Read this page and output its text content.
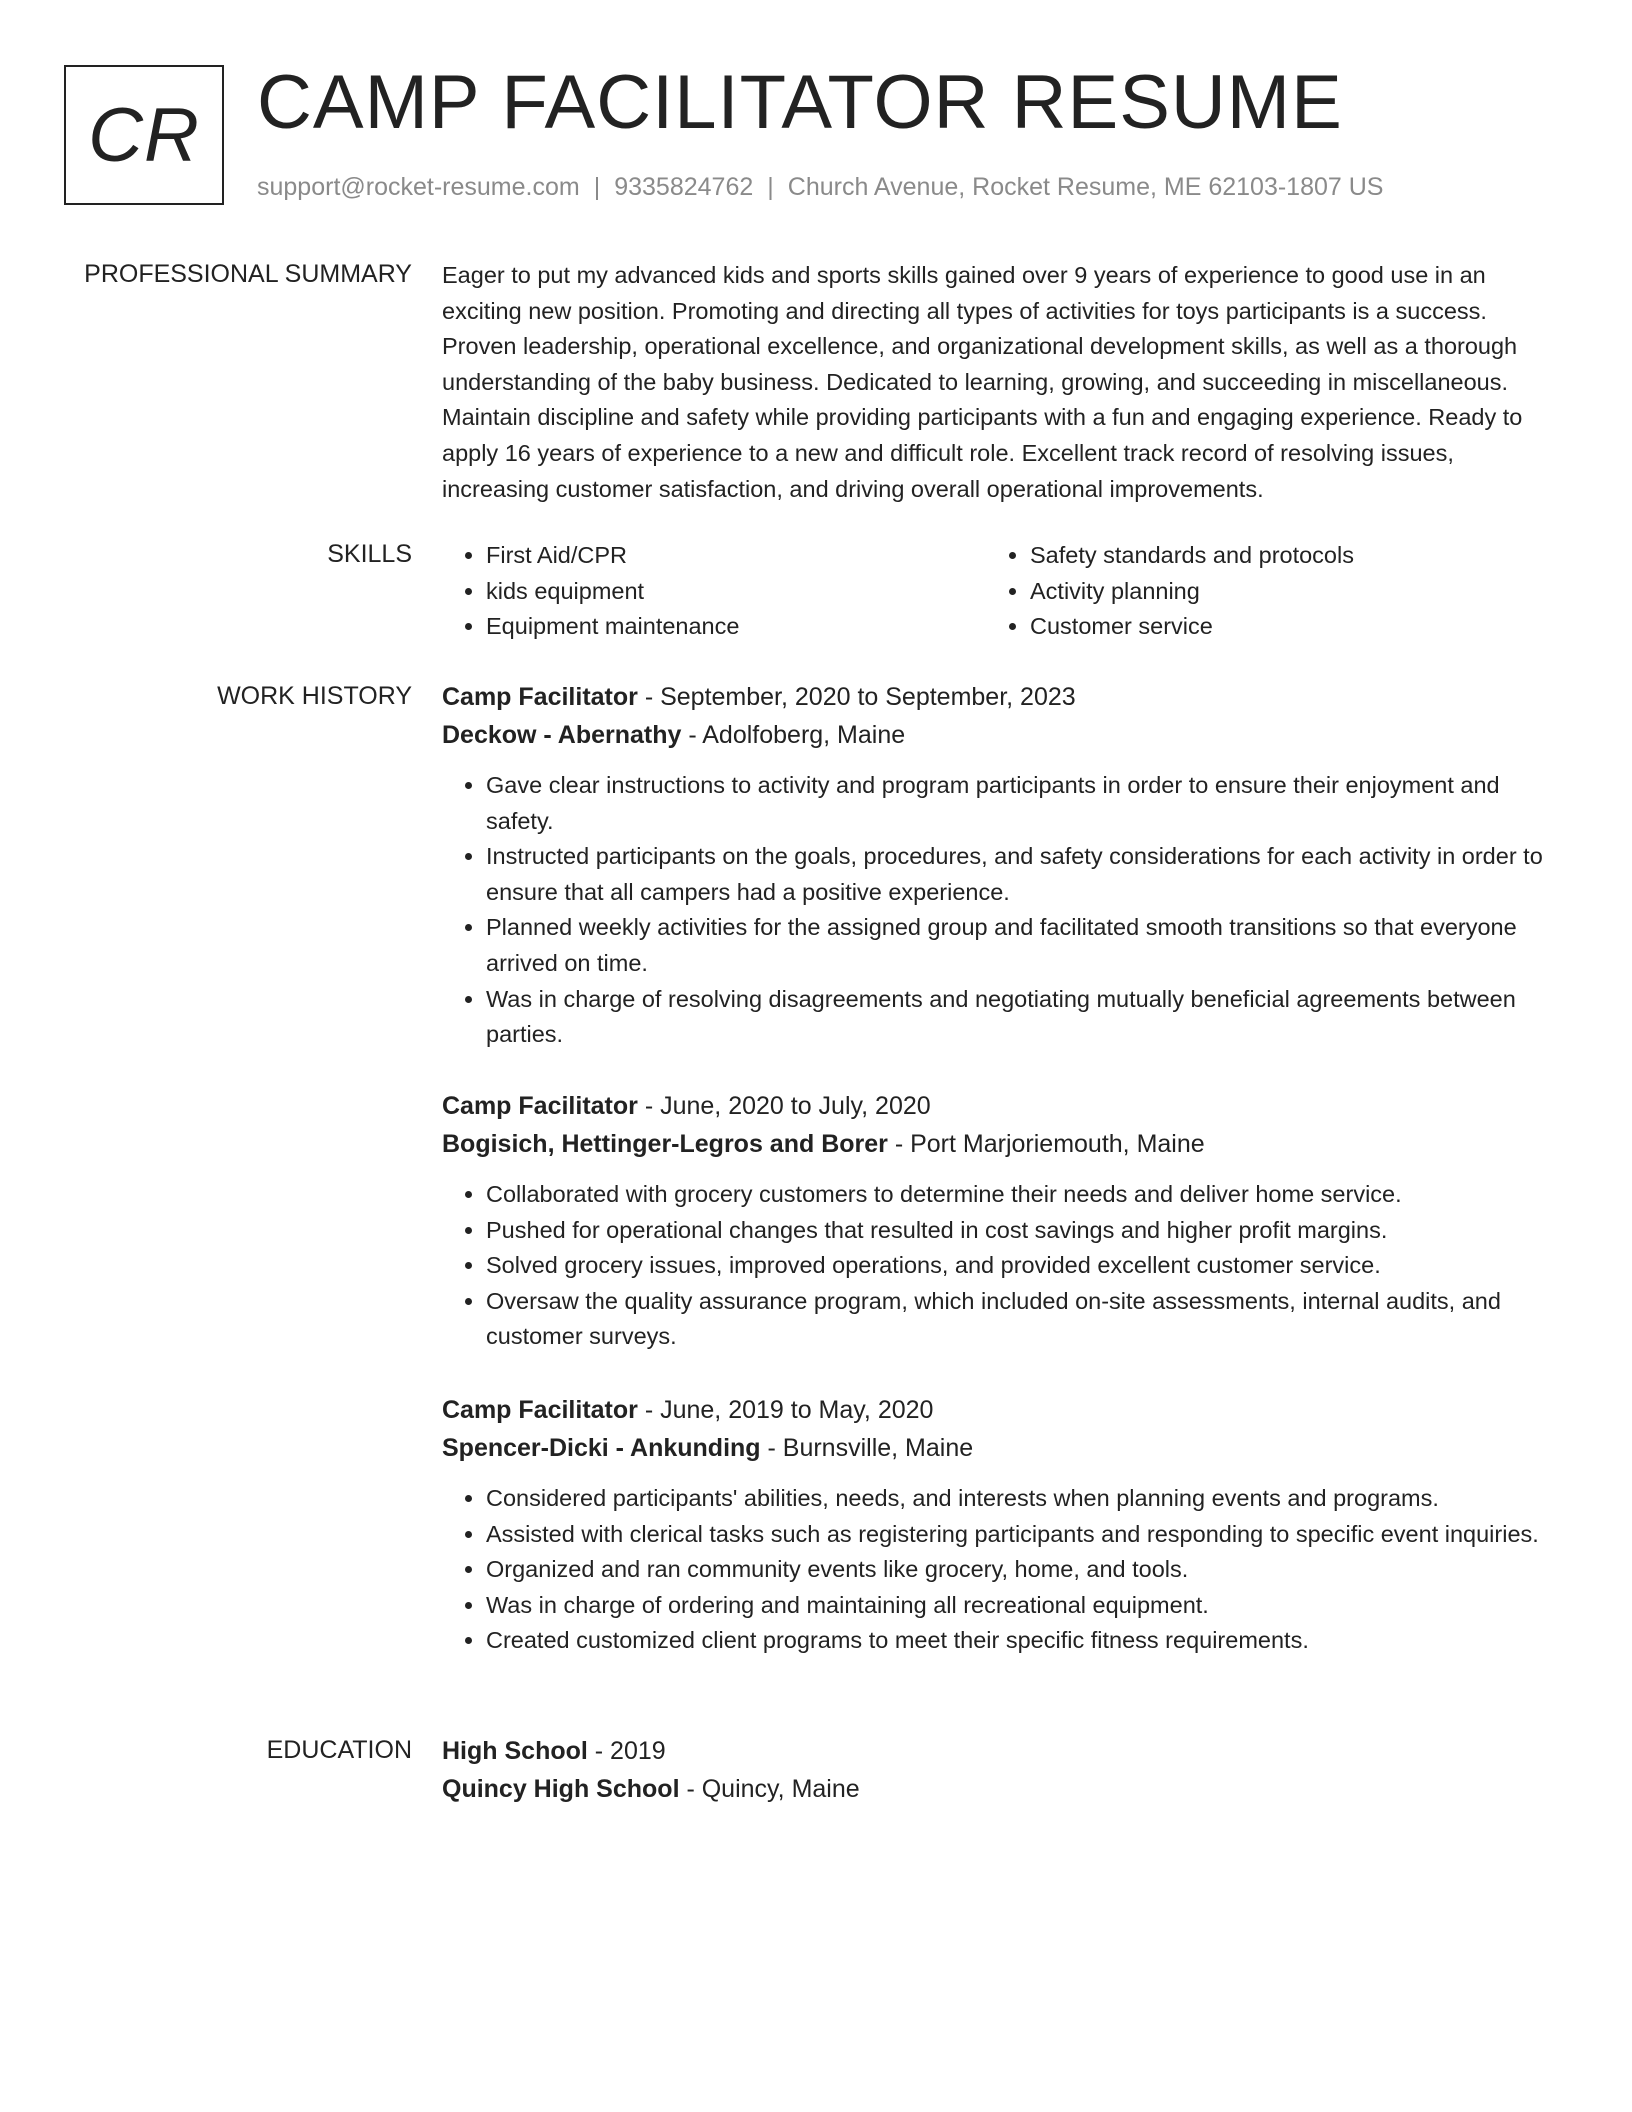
CR CAMP FACILITATOR RESUME
support@rocket-resume.com | 9335824762 | Church Avenue, Rocket Resume, ME 62103-1807 US
PROFESSIONAL SUMMARY Eager to put my advanced kids and sports skills gained over 9 years of experience to good use in an exciting new position. Promoting and directing all types of activities for toys participants is a success. Proven leadership, operational excellence, and organizational development skills, as well as a thorough understanding of the baby business. Dedicated to learning, growing, and succeeding in miscellaneous. Maintain discipline and safety while providing participants with a fun and engaging experience. Ready to apply 16 years of experience to a new and difficult role. Excellent track record of resolving issues, increasing customer satisfaction, and driving overall operational improvements.

SKILLS
•	First Aid/CPR
• kids equipment
• Equipment maintenance
• Safety standards and protocols
• Activity planning
• Customer service
WORK HISTORY Camp Facilitator - September, 2020 to September, 2023
Deckow - Abernathy - Adolfoberg, Maine
• Gave clear instructions to activity and program participants in order to ensure their enjoyment and safety.
• Instructed participants on the goals, procedures, and safety considerations for each activity in order to ensure that all campers had a positive experience.
• Planned weekly activities for the assigned group and facilitated smooth transitions so that everyone arrived on time.
• Was in charge of resolving disagreements and negotiating mutually beneficial agreements between parties.
Camp Facilitator - June, 2020 to July, 2020
Bogisich, Hettinger-Legros and Borer - Port Marjoriemouth, Maine
• Collaborated with grocery customers to determine their needs and deliver home service.
• Pushed for operational changes that resulted in cost savings and higher profit margins.
• Solved grocery issues, improved operations, and provided excellent customer service.
• Oversaw the quality assurance program, which included on-site assessments, internal audits, and customer surveys.
Camp Facilitator - June, 2019 to May, 2020
Spencer-Dicki - Ankunding - Burnsville, Maine
• Considered participants' abilities, needs, and interests when planning events and programs.
• Assisted with clerical tasks such as registering participants and responding to specific event inquiries.
• Organized and ran community events like grocery, home, and tools.
• Was in charge of ordering and maintaining all recreational equipment.
• Created customized client programs to meet their specific fitness requirements.
EDUCATION High School - 2019
Quincy High School - Quincy, Maine
